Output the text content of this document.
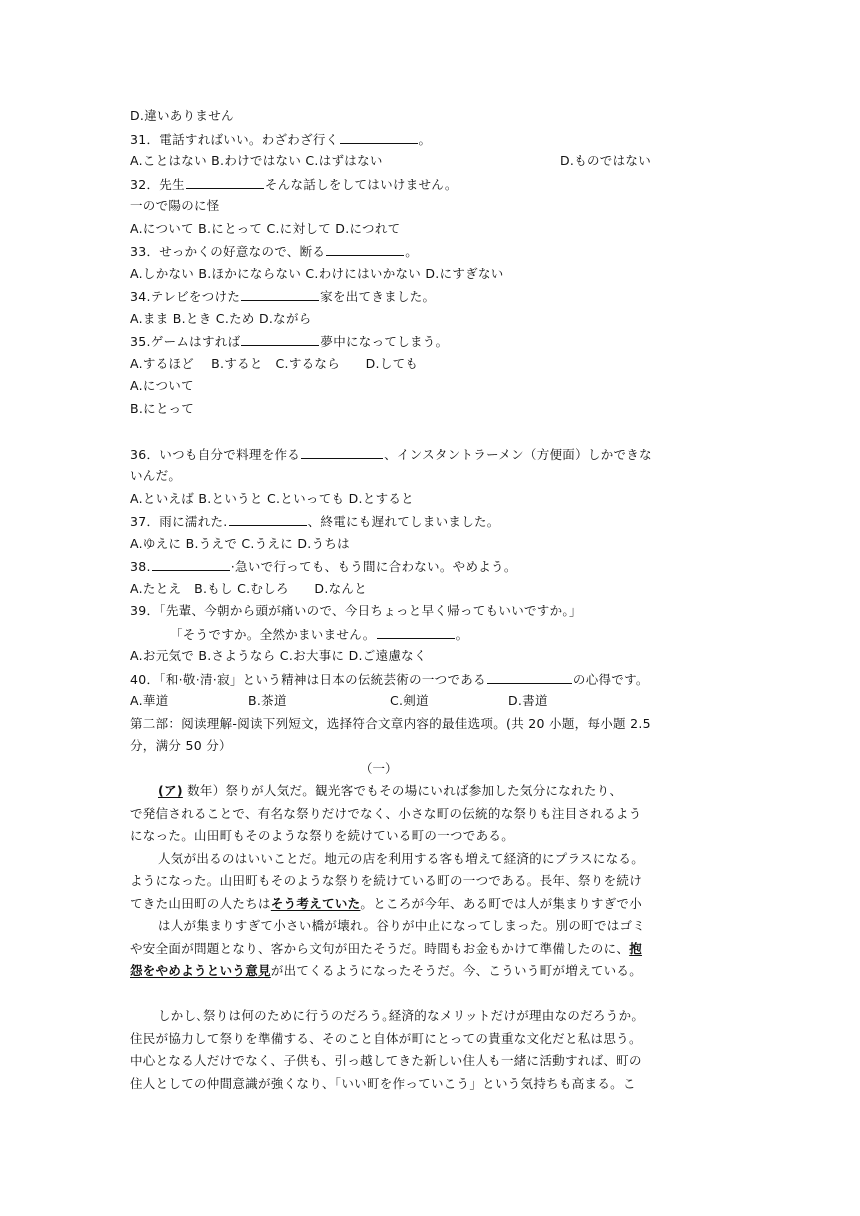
D.違いありません
31．電話すればいい。わざわざ行く	。
A.ことはない B.わけではない C.はずはない	D.ものではない
32．先生	そんな話しをしてはいけません。
一ので陽のに怪
A.について B.にとって C.に対して D.につれて
33．せっかくの好意なので、断る	。
A.しかない B.ほかにならない C.わけにはいかない D.にすぎない
34.テレビをつけた	家を出てきました。
A.まま B.とき C.ため D.ながら
35.ゲームはすれば	夢中になってしまう。
A.するほど　 B.すると　C.するなら　　D.しても
A.について
B.にとって
36．いつも自分で料理を作る	、インスタントラーメン（方便面）しかできな
いんだ。
A.といえば B.というと C.といっても D.とすると
37．雨に濡れた.	、終電にも遅れてしまいました。
A.ゆえに B.うえで C.うえに D.うちは
38.	·急いで行っても、もう間に合わない。やめよう。
A.たとえ　B.もし C.むしろ　　D.なんと
39．「先輩、今朝から頭が痛いので、今日ちょっと早く帰ってもいいですか。」
「そうですか。全然かまいません。	。
A.お元気で B.さようなら C.お大事に D.ご遠慮なく
40．「和·敬·清·寂」という精神は日本の伝統芸術の一つである	の心得です。
A.華道	B.茶道	C.剣道	D.書道
第二部：阅读理解-阅读下列短文，选择符合文章内容的最佳选项。(共 20 小题，每小题 2.5
分，满分 50 分）
（一）
(ア) 数年）祭りが人気だ。観光客でもその場にいれば参加した気分になれたり、
で発信されることで、有名な祭りだけでなく、小さな町の伝統的な祭りも注目されるよう
になった。山田町もそのような祭りを続けている町の一つである。
人気が出るのはいいことだ。地元の店を利用する客も増えて経済的にプラスになる。
ようになった。山田町もそのような祭りを続けている町の一つである。長年、祭りを続け
てきた山田町の人たちはそう考えていた。ところが今年、ある町では人が集まりすぎで小
は人が集まりすぎて小さい橋が壊れ。谷りが中止になってしまった。別の町ではゴミ
や安全面が問題となり、客から文句が田たそうだ。時間もお金もかけて準備したのに、抱
怨をやめようという意見が出てくるようになったそうだ。今、こういう町が増えている。
しかし､祭りは何のために行うのだろう｡経済的なメリットだけが理由なのだろうか。
住民が協力して祭りを準備する、そのこと自体が町にとっての貴重な文化だと私は思う。
中心となる人だけでなく、子供も、引っ越してきた新しい住人も一緒に活動すれば、町の
住人としての仲間意識が強くなり、「いい町を作っていこう」という気持ちも高まる。こ
